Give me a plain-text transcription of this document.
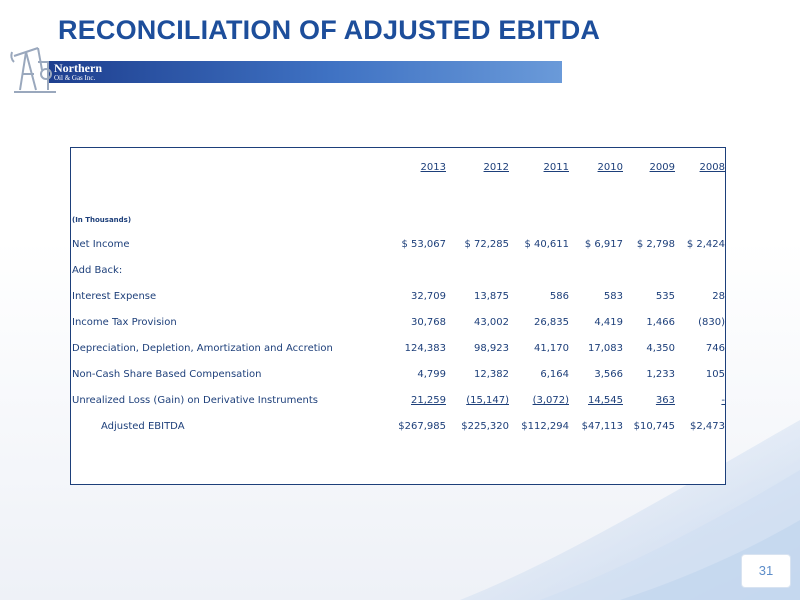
RECONCILIATION OF ADJUSTED EBITDA
Northern
Oil & Gas Inc.
2013	2012	2011	2010	2009	2008
(In Thousands)
Net Income	$ 53,067	$ 72,285	$ 40,611	$ 6,917	$ 2,798	$ 2,424
Add Back:
Interest Expense	32,709	13,875	586	583	535	28
Income Tax Provision	30,768	43,002	26,835	4,419	1,466	(830)
Depreciation, Depletion, Amortization and Accretion	124,383	98,923	41,170	17,083	4,350	746
Non-Cash Share Based Compensation	4,799	12,382	6,164	3,566	1,233	105
Unrealized Loss (Gain) on Derivative Instruments	21,259	(15,147)	(3,072)	14,545	363	-
Adjusted EBITDA	$267,985	$225,320	$112,294	$47,113	$10,745	$2,473
31
